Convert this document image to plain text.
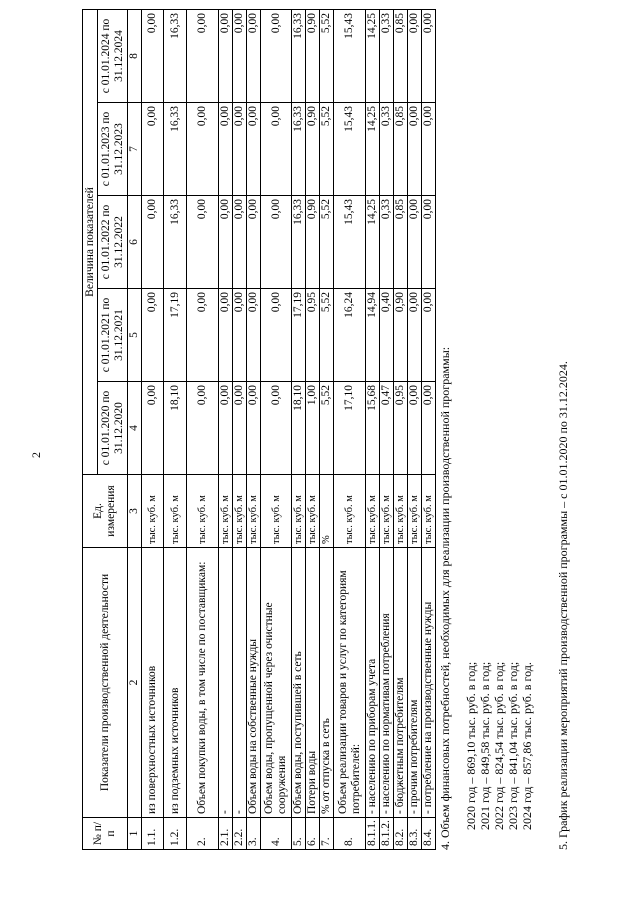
2
№ п/п	Показатели производственной деятельности	Ед. измерения	Величина показателей				
			с 01.01.2020 по 31.12.2020	с 01.01.2021 по 31.12.2021	с 01.01.2022 по 31.12.2022	с 01.01.2023 по 31.12.2023	с 01.01.2024 по 31.12.2024
1	2	3	4	5	6	7	8
1.1.	из поверхностных источников	тыс. куб. м	0,00	0,00	0,00	0,00	0,00
1.2.	из подземных источников	тыс. куб. м	18,10	17,19	16,33	16,33	16,33
2.	Объем покупки воды, в том числе по поставщикам:	тыс. куб. м	0,00	0,00	0,00	0,00	0,00
2.1.	-	тыс. куб. м	0,00	0,00	0,00	0,00	0,00
2.2.	-	тыс. куб. м	0,00	0,00	0,00	0,00	0,00
3.	Объем воды на собственные нужды	тыс. куб. м	0,00	0,00	0,00	0,00	0,00
4.	Объем воды, пропущенной через очистные сооружения	тыс. куб. м	0,00	0,00	0,00	0,00	0,00
5.	Объем воды, поступившей в сеть	тыс. куб. м	18,10	17,19	16,33	16,33	16,33
6.	Потери воды	тыс. куб. м	1,00	0,95	0,90	0,90	0,90
7.	% от отпуска в сеть	%	5,52	5,52	5,52	5,52	5,52
8.	Объем реализации товаров и услуг по категориям потребителей:	тыс. куб. м	17,10	16,24	15,43	15,43	15,43
8.1.1.	- населению по приборам учета	тыс. куб. м	15,68	14,94	14,25	14,25	14,25
8.1.2.	- населению по нормативам потребления	тыс. куб. м	0,47	0,40	0,33	0,33	0,33
8.2.	- бюджетным потребителям	тыс. куб. м	0,95	0,90	0,85	0,85	0,85
8.3.	- прочим потребителям	тыс. куб. м	0,00	0,00	0,00	0,00	0,00
8.4.	- потребление на производственные нужды	тыс. куб. м	0,00	0,00	0,00	0,00	0,00
4. Объем финансовых потребностей, необходимых для реализации производственной программы: 2020 год – 869,10 тыс. руб. в год; 2021 год – 849,58 тыс. руб. в год; 2022 год – 824,54 тыс. руб. в год; 2023 год – 841,04 тыс. руб. в год; 2024 год – 857,86 тыс. руб. в год. 5. График реализации мероприятий производственной программы – с 01.01.2020 по 31.12.2024.
